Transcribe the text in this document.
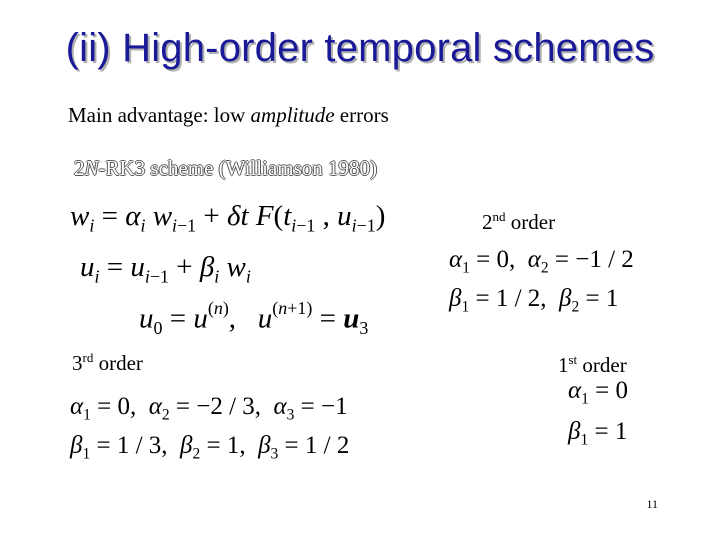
(ii) High-order temporal schemes
Main advantage: low amplitude errors
2N-RK3 scheme (Williamson 1980)
$w_i = \alpha_i$ $w_{i-1} + \delta t$ $F(t_{i-1}$ , $u_{i-1}$)
$u_i = u_{i-1} + \beta_i$ $w_i$
$u_0 = u^{(n)}$,   $u^{(n+1)} = u_3$
2nd order
$\alpha_1 = 0$,  $\alpha_2 = -1 / 2$
$\beta_1 = 1 / 2$,  $\beta_2 = 1$
3rd order
$\alpha_1 = 0$,  $\alpha_2 = -2 / 3$,  $\alpha_3 = -1$
$\beta_1 = 1 / 3$,  $\beta_2 = 1$,  $\beta_3 = 1 / 2$
1st order
$\alpha_1 = 0$
$\beta_1 = 1$
11
